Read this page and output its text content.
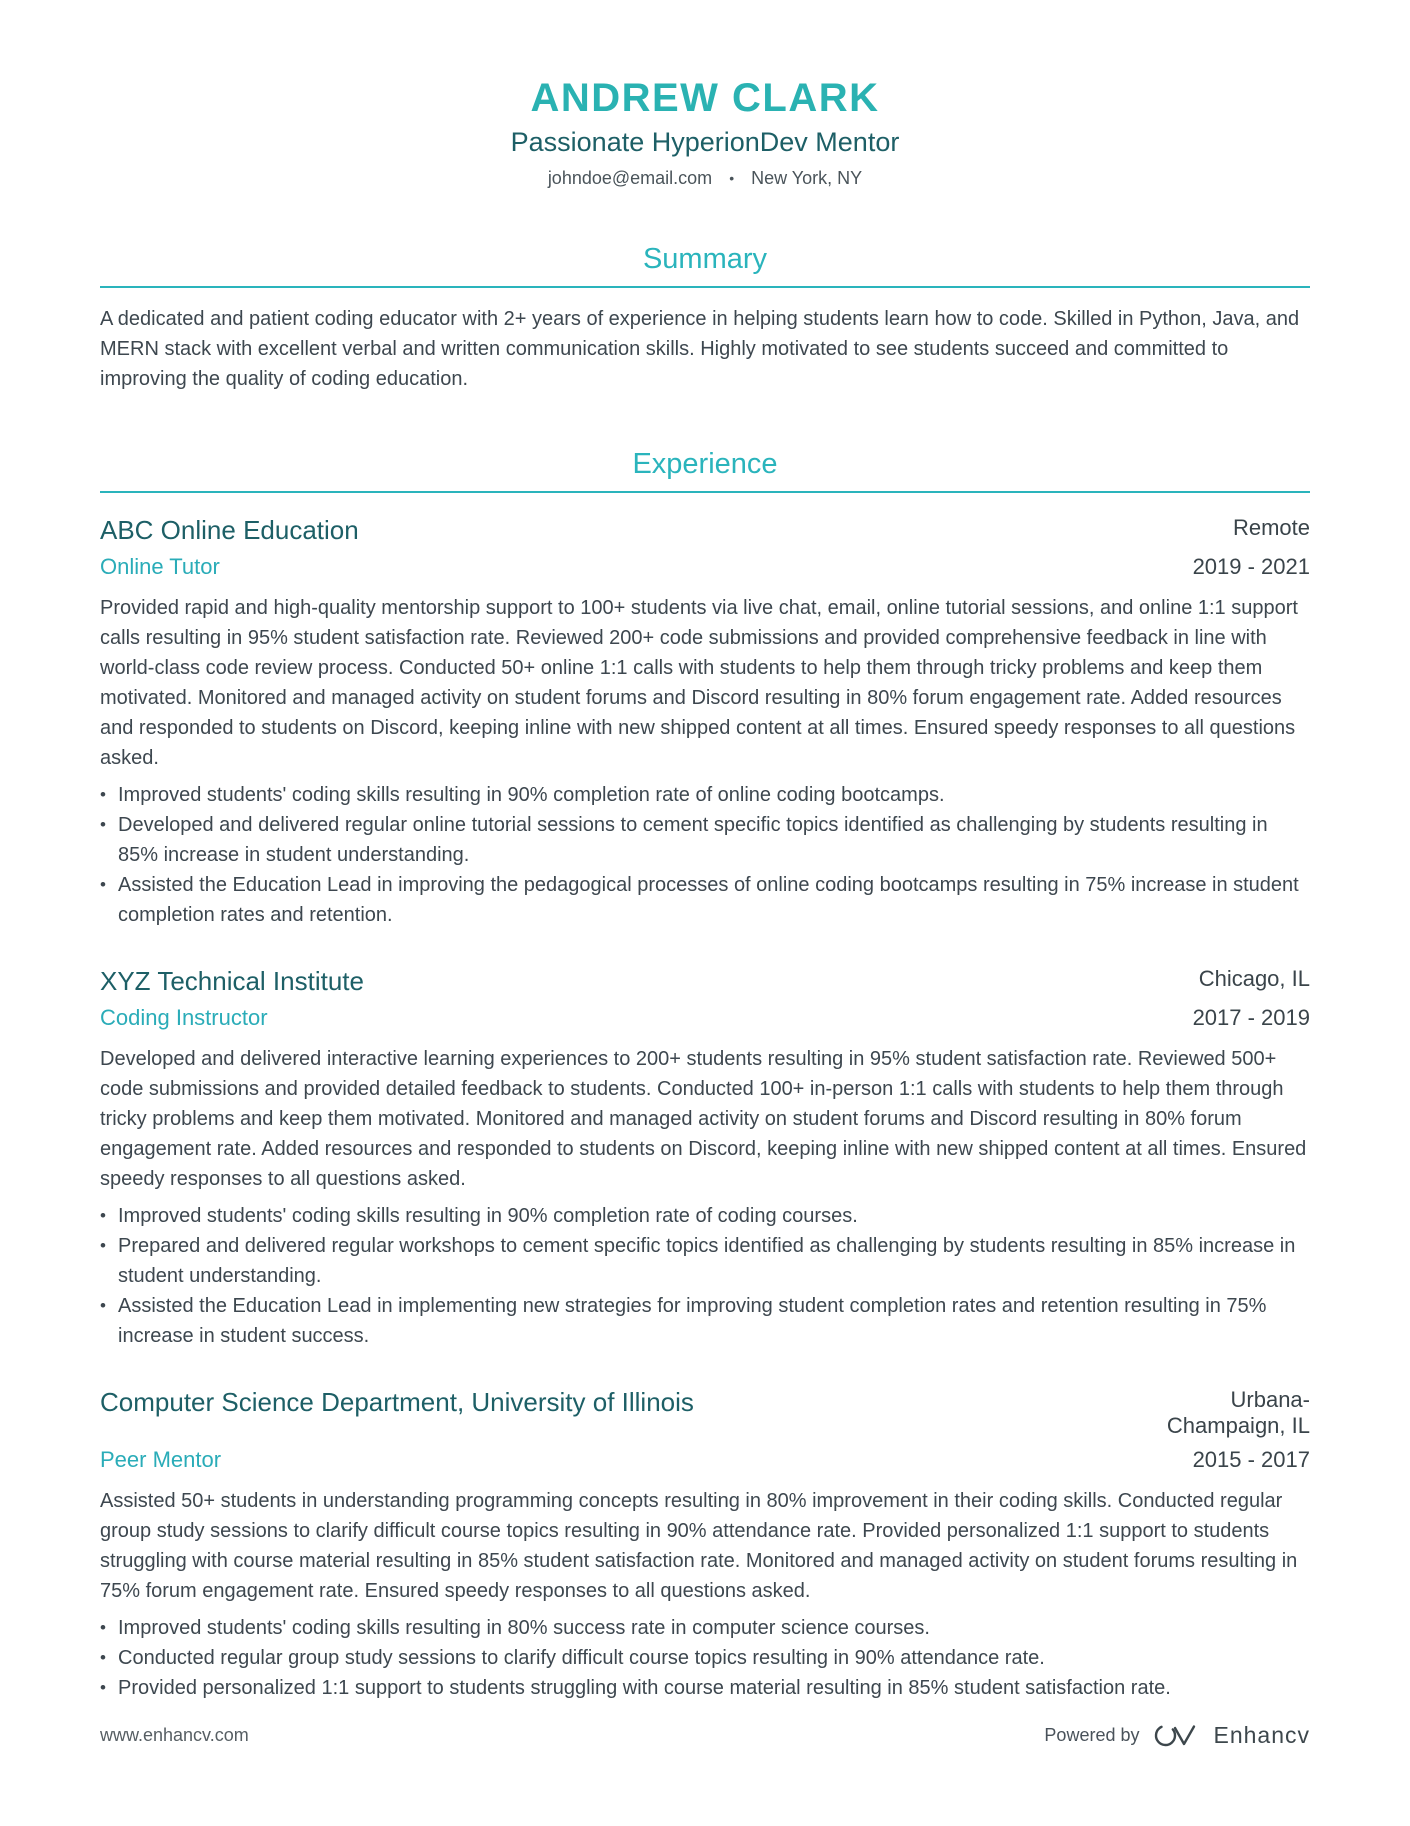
ANDREW CLARK
Passionate HyperionDev Mentor
johndoe@email.com • New York, NY
Summary
A dedicated and patient coding educator with 2+ years of experience in helping students learn how to code. Skilled in Python, Java, and MERN stack with excellent verbal and written communication skills. Highly motivated to see students succeed and committed to improving the quality of coding education.
Experience
ABC Online Education	Remote
Online Tutor	2019 - 2021
Provided rapid and high-quality mentorship support to 100+ students via live chat, email, online tutorial sessions, and online 1:1 support calls resulting in 95% student satisfaction rate. Reviewed 200+ code submissions and provided comprehensive feedback in line with world-class code review process. Conducted 50+ online 1:1 calls with students to help them through tricky problems and keep them motivated. Monitored and managed activity on student forums and Discord resulting in 80% forum engagement rate. Added resources and responded to students on Discord, keeping inline with new shipped content at all times. Ensured speedy responses to all questions asked.
• Improved students' coding skills resulting in 90% completion rate of online coding bootcamps.
• Developed and delivered regular online tutorial sessions to cement specific topics identified as challenging by students resulting in 85% increase in student understanding.
• Assisted the Education Lead in improving the pedagogical processes of online coding bootcamps resulting in 75% increase in student completion rates and retention.
XYZ Technical Institute	Chicago, IL
Coding Instructor	2017 - 2019
Developed and delivered interactive learning experiences to 200+ students resulting in 95% student satisfaction rate. Reviewed 500+ code submissions and provided detailed feedback to students. Conducted 100+ in-person 1:1 calls with students to help them through tricky problems and keep them motivated. Monitored and managed activity on student forums and Discord resulting in 80% forum engagement rate. Added resources and responded to students on Discord, keeping inline with new shipped content at all times. Ensured speedy responses to all questions asked.
• Improved students' coding skills resulting in 90% completion rate of coding courses.
• Prepared and delivered regular workshops to cement specific topics identified as challenging by students resulting in 85% increase in student understanding.
• Assisted the Education Lead in implementing new strategies for improving student completion rates and retention resulting in 75% increase in student success.
Computer Science Department, University of Illinois	Urbana-Champaign, IL
Peer Mentor	2015 - 2017
Assisted 50+ students in understanding programming concepts resulting in 80% improvement in their coding skills. Conducted regular group study sessions to clarify difficult course topics resulting in 90% attendance rate. Provided personalized 1:1 support to students struggling with course material resulting in 85% student satisfaction rate. Monitored and managed activity on student forums resulting in 75% forum engagement rate. Ensured speedy responses to all questions asked.
• Improved students' coding skills resulting in 80% success rate in computer science courses.
• Conducted regular group study sessions to clarify difficult course topics resulting in 90% attendance rate.
• Provided personalized 1:1 support to students struggling with course material resulting in 85% student satisfaction rate.
www.enhancv.com	Powered by	Enhancv
